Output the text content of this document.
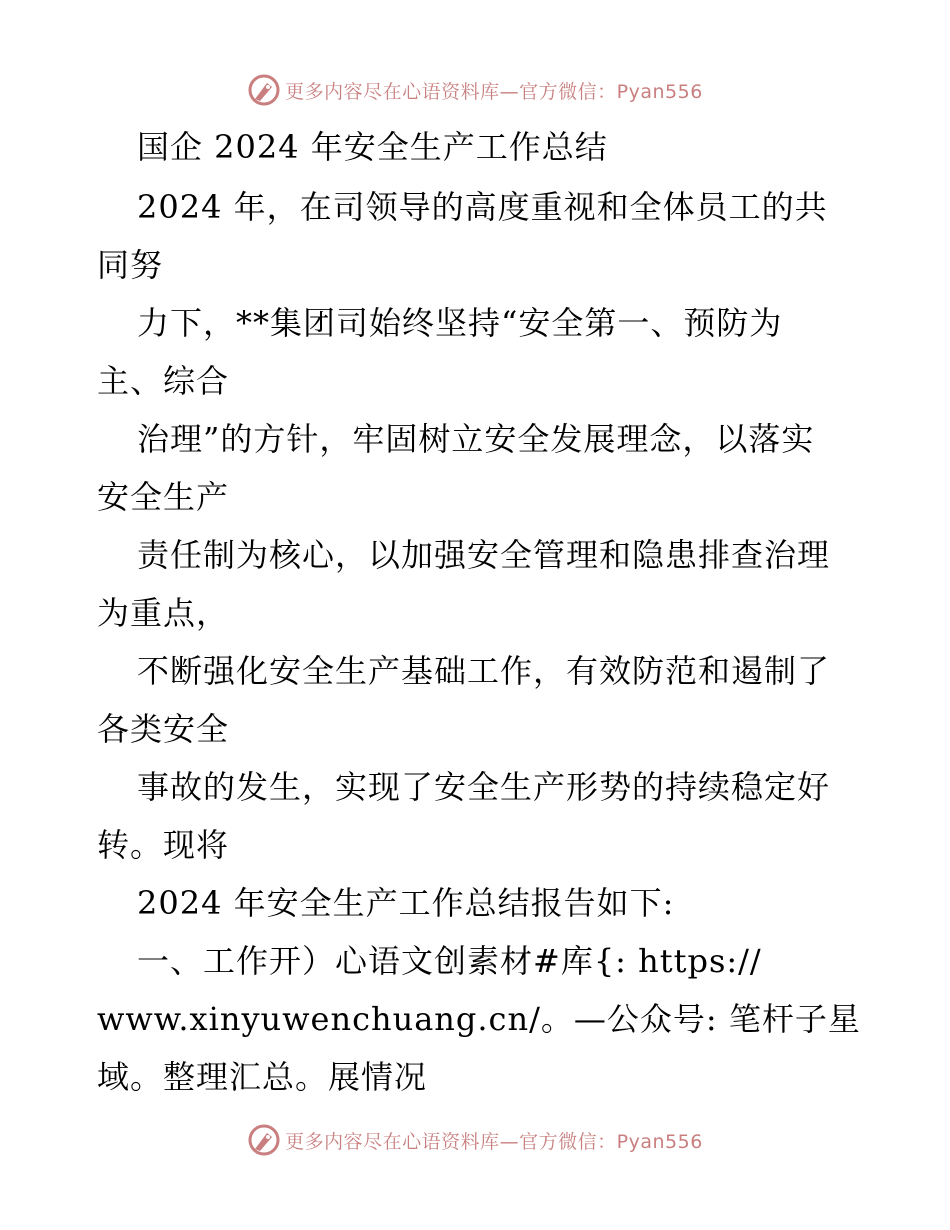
更多内容尽在心语资料库—官方微信：Pyan556
国企 2024 年安全生产工作总结
2024 年，在司领导的高度重视和全体员工的共
同努
力下，**集团司始终坚持“安全第一、预防为
主、综合
治理”的方针，牢固树立安全发展理念，以落实
安全生产
责任制为核心，以加强安全管理和隐患排查治理
为重点，
不断强化安全生产基础工作，有效防范和遏制了
各类安全
事故的发生，实现了安全生产形势的持续稳定好
转。现将
2024 年安全生产工作总结报告如下:
一、工作开）心语文创素材#库{: https://
www.xinyuwenchuang.cn/。—公众号: 笔杆子星
域。整理汇总。展情况
更多内容尽在心语资料库—官方微信：Pyan556
